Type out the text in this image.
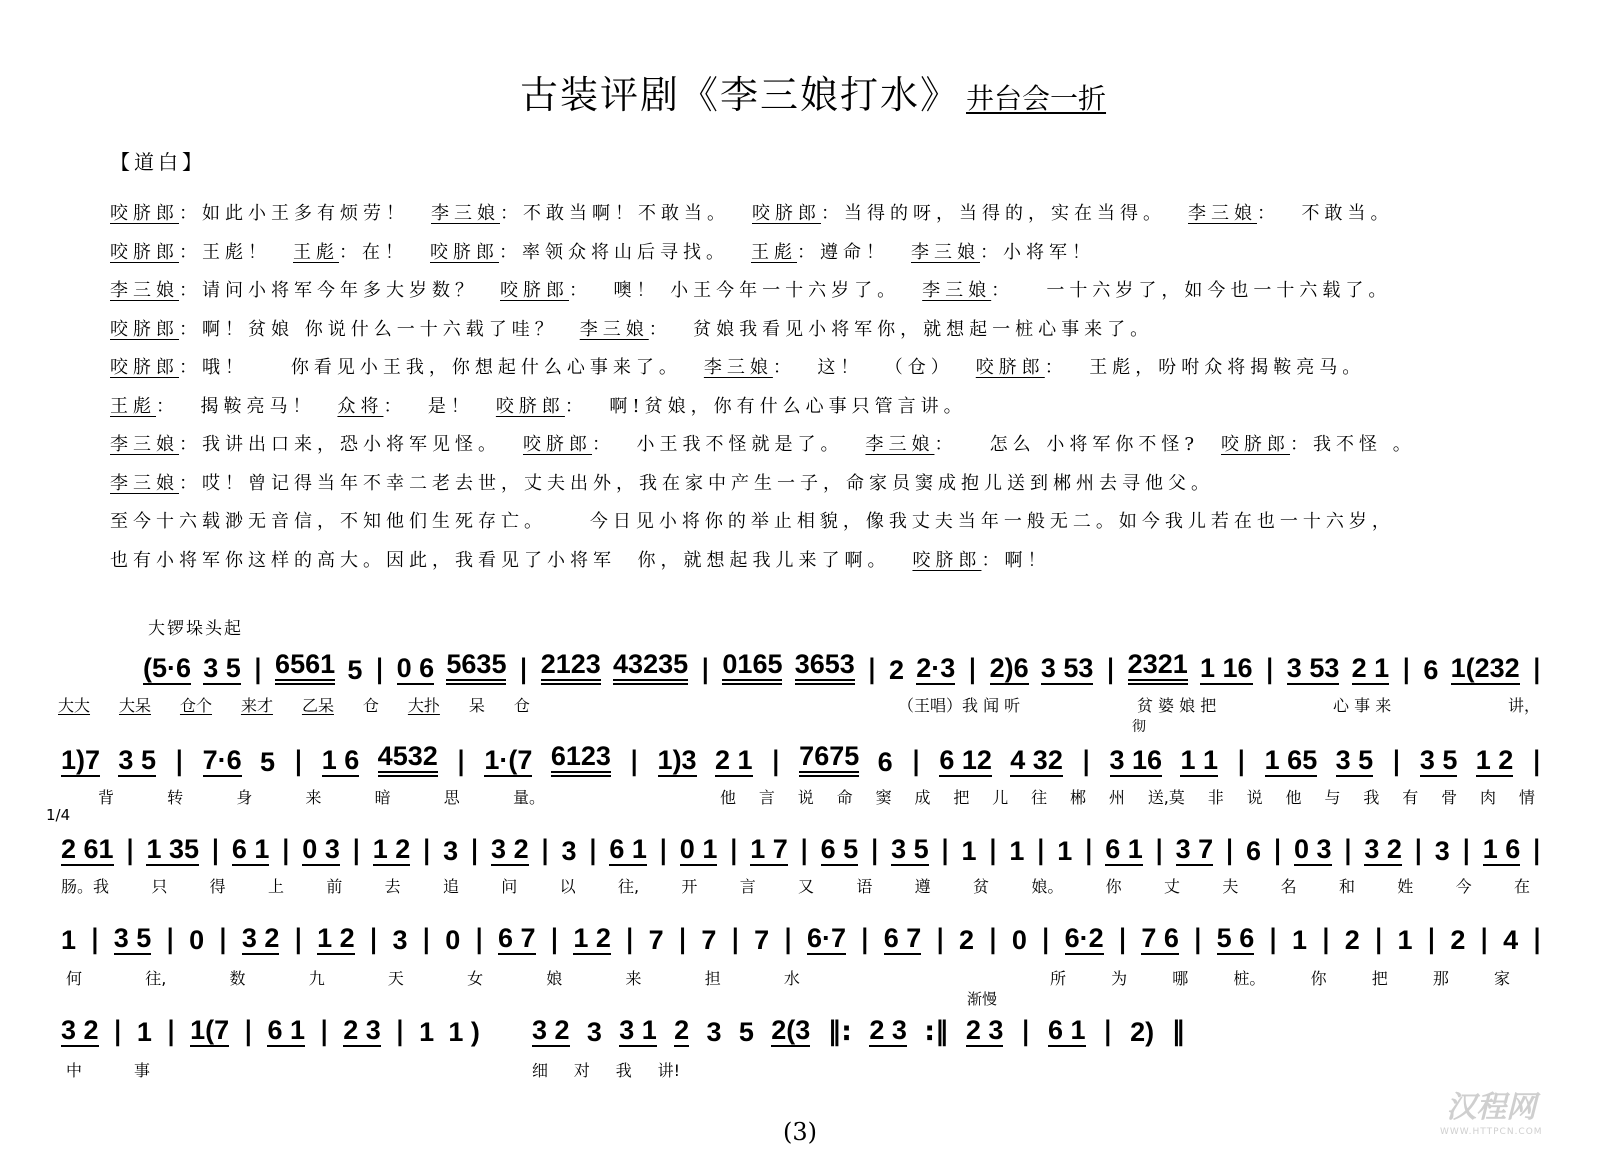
古装评剧《李三娘打水》 井台会一折
【道白】
咬脐郎：如此小王多有烦劳！ 李三娘：不敢当啊！不敢当。 咬脐郎：当得的呀，当得的，实在当得。 李三娘：  不敢当。
咬脐郎：王彪！ 王彪：在！ 咬脐郎：率领众将山后寻找。 王彪：遵命！ 李三娘：小将军！
李三娘：请问小将军今年多大岁数？ 咬脐郎：  噢！ 小王今年一十六岁了。 李三娘：   一十六岁了，如今也一十六载了。
咬脐郎：啊！贫娘 你说什么一十六载了哇？ 李三娘：  贫娘我看见小将军你，就想起一桩心事来了。
咬脐郎：哦！    你看见小王我，你想起什么心事来了。 李三娘：  这！  （仓） 咬脐郎：  王彪，吩咐众将揭鞍亮马。
王彪：  揭鞍亮马！ 众将：  是！ 咬脐郎：  啊!贫娘，你有什么心事只管言讲。
李三娘：我讲出口来，恐小将军见怪。 咬脐郎：  小王我不怪就是了。 李三娘：   怎么 小将军你不怪? 咬脐郎：我不怪 。
李三娘：哎！曾记得当年不幸二老去世，丈夫出外，我在家中产生一子，命家员窦成抱儿送到郴州去寻他父。
至今十六载渺无音信，不知他们生死存亡。    今日见小将你的举止相貌，像我丈夫当年一般无二。如今我儿若在也一十六岁，
也有小将军你这样的高大。因此，我看见了小将军  你，就想起我儿来了啊。 咬脐郎：啊！
大锣垛头起
彻
1/4
渐慢
(5·6 3 5 | 6561 5 | 0 6 5635 | 2123 43235 | 0165 3653 | 2 2·3 | 2)6 3 53 | 2321 1 16 | 3 53 2 1 | 6 1(232 |
大大 大呆 仓个 来才 乙呆 仓 大扑 呆 仓	（王唱）我 闻 听	贫 婆 娘 把	心 事 来	讲，
1)7 3 5 | 7·6 5 | 1 6 4532 | 1·(7 6123 | 1)3 2 1 | 7675 6 | 6 12 4 32 | 3 16 1 1 | 1 65 3 5 | 3 5 1 2 |
背	转	身	来	暗	思	量。	他 言 说 命 窦 成 把 儿 往 郴 州 送,莫 非 说 他 与 我 有 骨 肉 情
2 61 | 1 35 | 6 1 | 0 3 | 1 2 | 3 | 3 2 | 3 | 6 1 | 0 1 | 1 7 | 6 5 | 3 5 | 1 | 1 | 1 | 6 1 | 3 7 | 6 | 0 3 | 3 2 | 3 | 1 6 |
肠。我	只	得	上	前	去	追	问	以	往,	开	言	又	语	遵	贫	娘。	你	丈	夫	名	和	姓	今	在
1 | 3 5 | 0 | 3 2 | 1 2 | 3 | 0 | 6 7 | 1 2 | 7 | 7 | 7 | 6·7 | 6 7 | 2 | 0 | 6·2 | 7 6 | 5 6 | 1 | 2 | 1 | 2 | 4 |
何	往,	数	九	天	女	娘	来	担	水	所	为	哪	桩。	你	把	那	家
3 2 | 1 | 1(7 | 6 1 | 2 3 | 1 1 ) 3 2 3 3 1 2 3 5 2(3 ‖: 2 3 :‖ 2 3 | 6 1 | 2) ‖
中	事	细 对 我 讲!
(3)
汉程网
WWW.HTTPCN.COM
